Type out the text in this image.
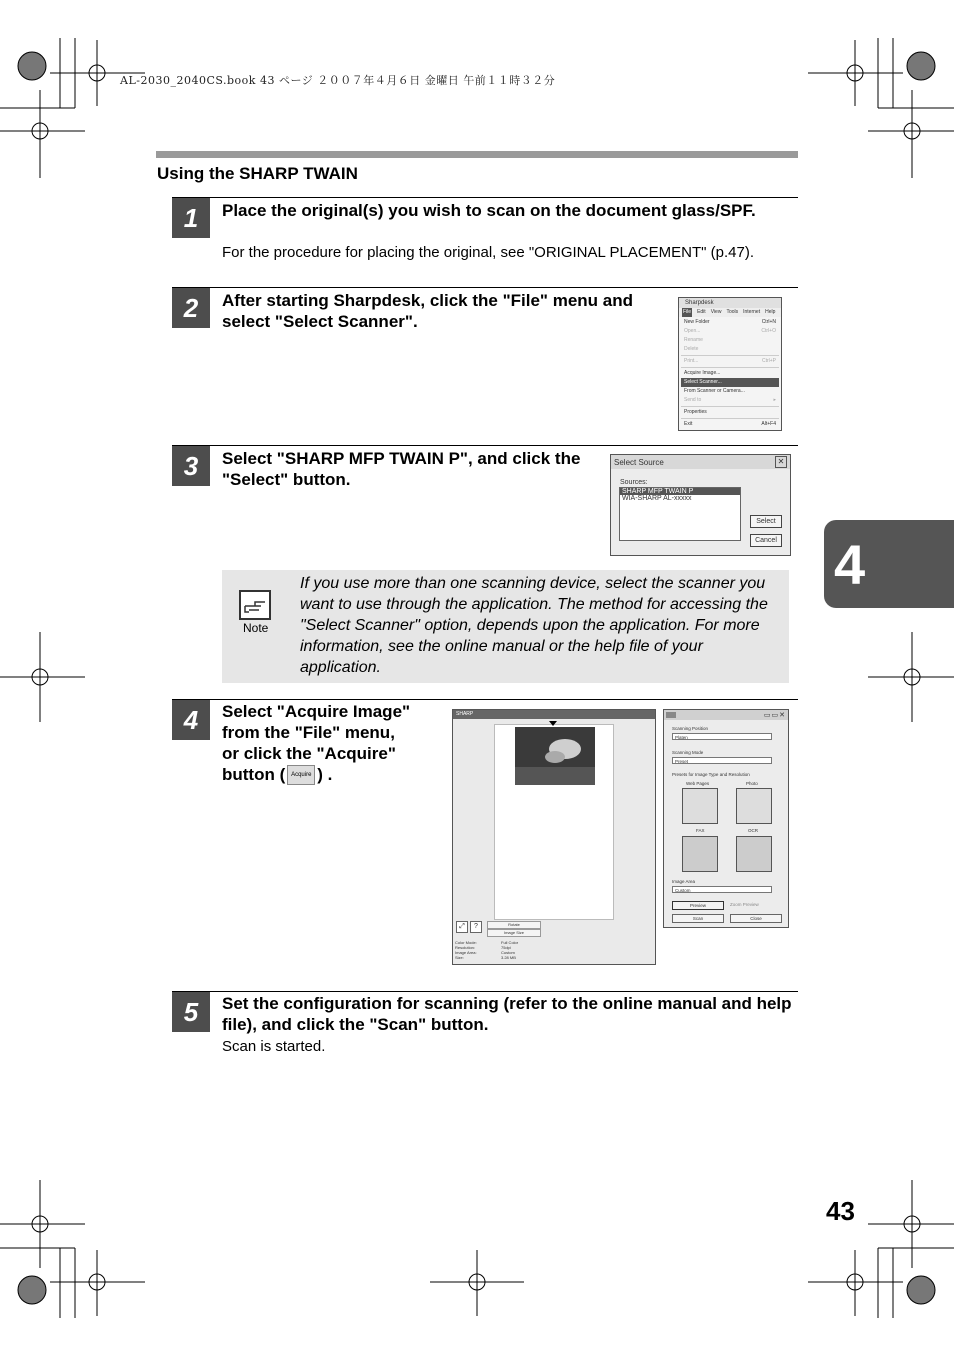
AL-2030_2040CS.book 43 ページ ２００７年４月６日 金曜日 午前１１時３２分
Using the SHARP TWAIN
1	Place the original(s) you wish to scan on the document glass/SPF.
For the procedure for placing the original, see "ORIGINAL PLACEMENT" (p.47).
2	After starting Sharpdesk, click the "File" menu and select "Select Scanner".
Sharpdesk
File Edit View Tools Internet Help
New Folder	Ctrl+N
Open...	Ctrl+O
Rename
Delete
Print...	Ctrl+P
Acquire Image...
Select Scanner...
From Scanner or Camera...
Send to	▸
Properties
Exit	Alt+F4
3	Select "SHARP MFP TWAIN P", and click the "Select" button.
Select Source	✕
Sources:
SHARP MFP TWAIN P
WIA-SHARP AL-xxxxx
Select
Cancel
Note
If you use more than one scanning device, select the scanner you want to use through the application. The method for accessing the "Select Scanner" option, depends upon the application. For more information, see the online manual or the help file of your application.
4	Select "Acquire Image"
from the "File" menu,
or click the "Acquire"
button ( Acquire ) .
SHARP
⤢	?	Rotate
Image Size
Color Mode:	Full Color
Resolution:	75dpi
Image Area:	Custom
Size:	3.28 MB
▭▭✕
Scanning Position
Platen
Scanning Mode
Preset
Presets for Image Type and Resolution
Web Pages	Photo
FAX	OCR
Image Area
Custom
Preview	Zoom Preview
Scan	Close
5	Set the configuration for scanning (refer to the online manual and help file), and click the "Scan" button.
Scan is started.
4
43
